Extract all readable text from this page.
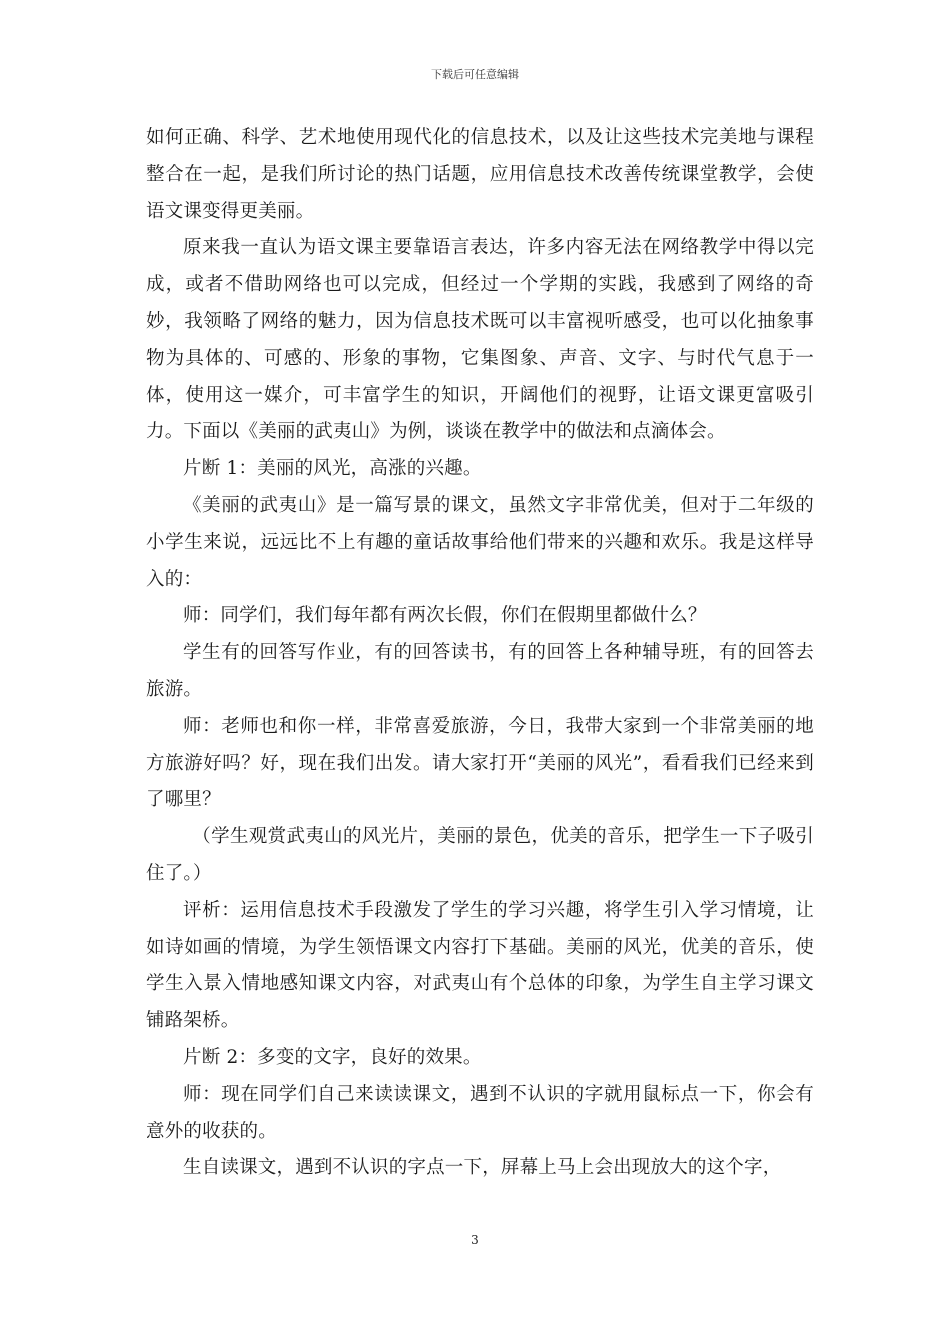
下载后可任意编辑

如何正确、科学、艺术地使用现代化的信息技术，以及让这些技术完美地与课程整合在一起，是我们所讨论的热门话题，应用信息技术改善传统课堂教学，会使语文课变得更美丽。

原来我一直认为语文课主要靠语言表达，许多内容无法在网络教学中得以完成，或者不借助网络也可以完成，但经过一个学期的实践，我感到了网络的奇妙，我领略了网络的魅力，因为信息技术既可以丰富视听感受，也可以化抽象事物为具体的、可感的、形象的事物，它集图象、声音、文字、与时代气息于一体，使用这一媒介，可丰富学生的知识，开阔他们的视野，让语文课更富吸引力。下面以《美丽的武夷山》为例，谈谈在教学中的做法和点滴体会。

片断 1：美丽的风光，高涨的兴趣。

《美丽的武夷山》是一篇写景的课文，虽然文字非常优美，但对于二年级的小学生来说，远远比不上有趣的童话故事给他们带来的兴趣和欢乐。我是这样导入的：

师：同学们，我们每年都有两次长假，你们在假期里都做什么？

学生有的回答写作业，有的回答读书，有的回答上各种辅导班，有的回答去旅游。

师：老师也和你一样，非常喜爱旅游，今日，我带大家到一个非常美丽的地方旅游好吗？好，现在我们出发。请大家打开“美丽的风光”，看看我们已经来到了哪里？

（学生观赏武夷山的风光片，美丽的景色，优美的音乐，把学生一下子吸引住了。）

评析：运用信息技术手段激发了学生的学习兴趣，将学生引入学习情境，让如诗如画的情境，为学生领悟课文内容打下基础。美丽的风光，优美的音乐，使学生入景入情地感知课文内容，对武夷山有个总体的印象，为学生自主学习课文铺路架桥。

片断 2：多变的文字，良好的效果。

师：现在同学们自己来读读课文，遇到不认识的字就用鼠标点一下，你会有意外的收获的。

生自读课文，遇到不认识的字点一下，屏幕上马上会出现放大的这个字，

3
